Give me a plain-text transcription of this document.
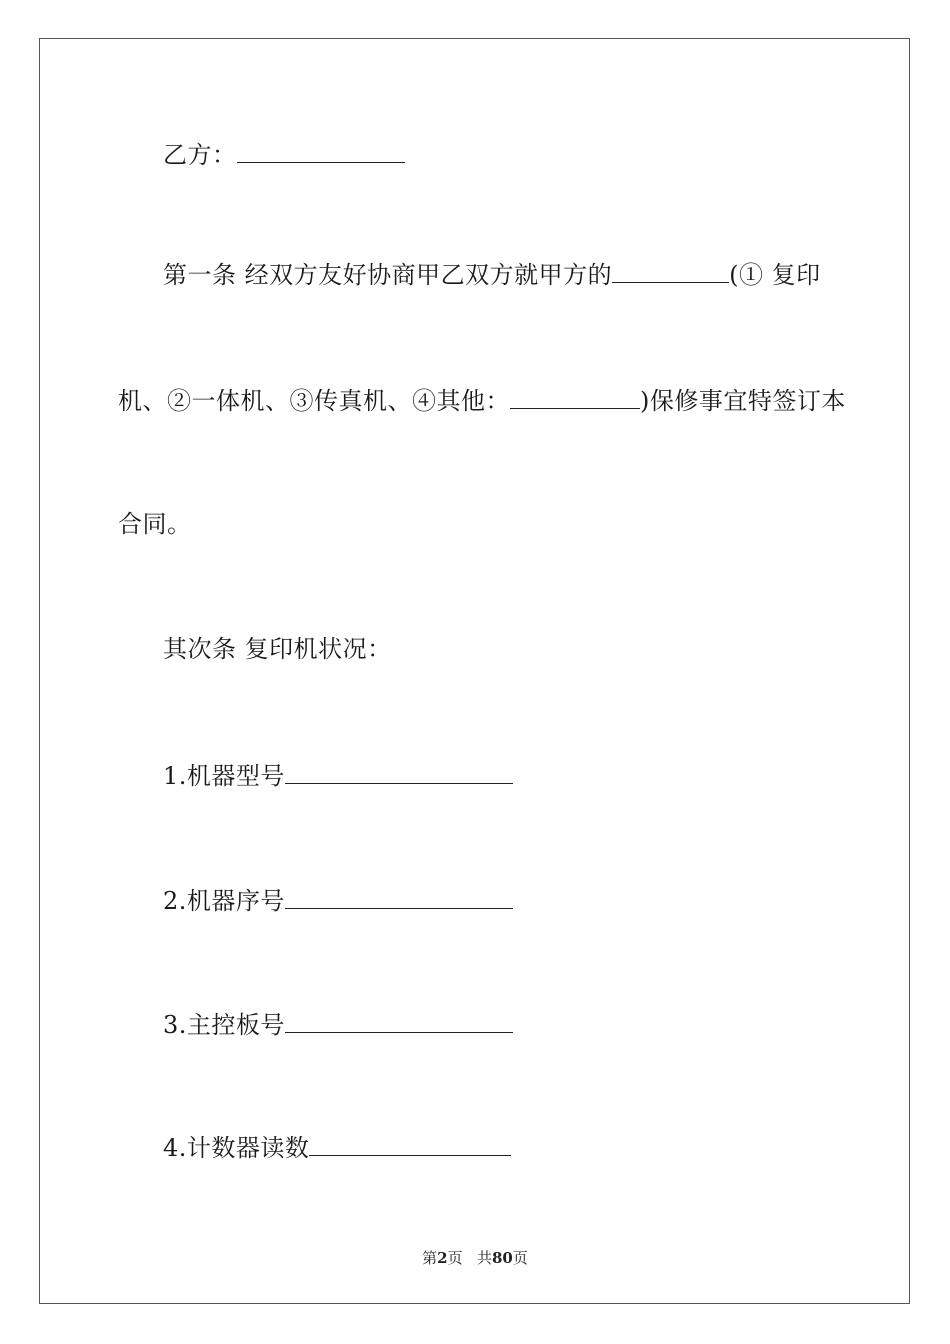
乙方：
第一条 经双方友好协商甲乙双方就甲方的	(① 复印
机、②一体机、③传真机、④其他：	)保修事宜特签订本
合同。
其次条 复印机状况：
1.机器型号
2.机器序号
3.主控板号
4.计数器读数
第2页 共80页
